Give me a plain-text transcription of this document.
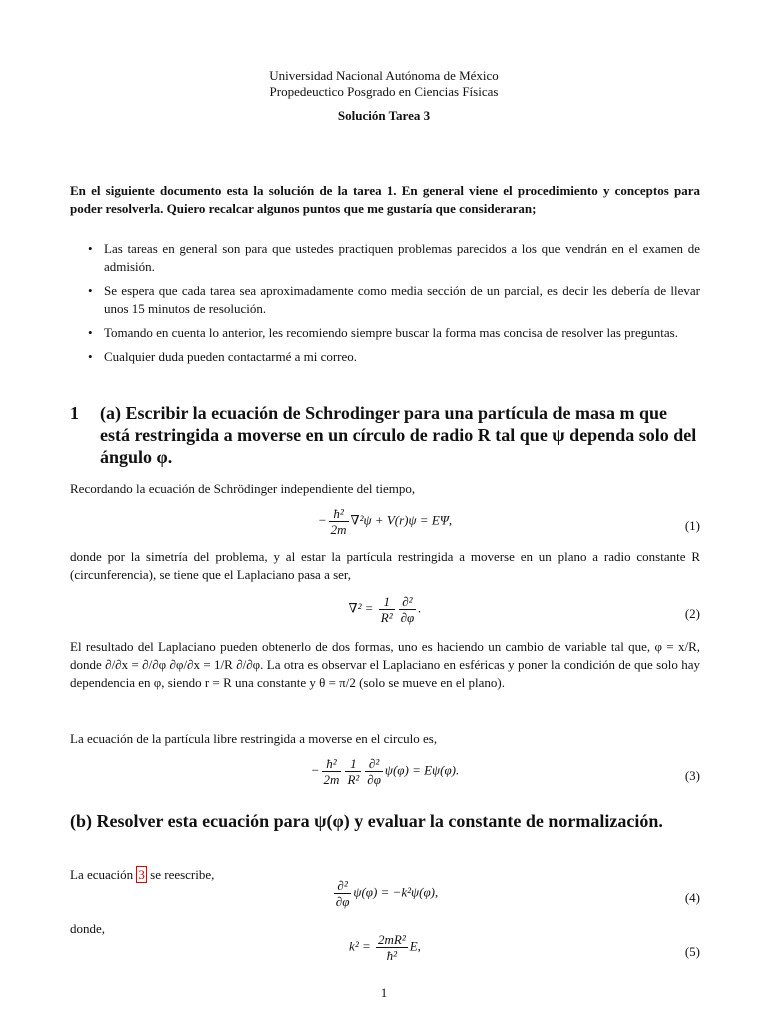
Universidad Nacional Autónoma de México
Propedeuctico Posgrado en Ciencias Físicas
Solución Tarea 3
En el siguiente documento esta la solución de la tarea 1. En general viene el procedimiento y conceptos para poder resolverla. Quiero recalcar algunos puntos que me gustaría que consideraran;
• Las tareas en general son para que ustedes practiquen problemas parecidos a los que vendrán en el examen de admisión.
• Se espera que cada tarea sea aproximadamente como media sección de un parcial, es decir les debería de llevar unos 15 minutos de resolución.
• Tomando en cuenta lo anterior, les recomiendo siempre buscar la forma mas concisa de resolver las preguntas.
• Cualquier duda pueden contactarmé a mi correo.
1 (a) Escribir la ecuación de Schrodinger para una partícula de masa m que está restringida a moverse en un círculo de radio R tal que ψ dependa solo del ángulo φ.
Recordando la ecuación de Schrödinger independiente del tiempo,
− $\frac{\text{ħ²}}{2m} \nabla^2\psi + V(r)\psi = E\Psi$,	(1)
donde por la simetría del problema, y al estar la partícula restringida a moverse en un plano a radio constante R (circunferencia), se tiene que el Laplaciano pasa a ser,
$\nabla^2 = \frac{1}{\text{R²}} \frac{\text{∂²}}{\partial\varphi}$ .	(2)
El resultado del Laplaciano pueden obtenerlo de dos formas, uno es haciendo un cambio de variable tal que, φ = x/R, donde ∂/∂x = ∂/∂φ ∂φ/∂x = 1/R ∂/∂φ. La otra es observar el Laplaciano en esféricas y poner la condición de que solo hay dependencia en φ, siendo r = R una constante y θ = π/2 (solo se mueve en el plano).
La ecuación de la partícula libre restringida a moverse en el circulo es,
− $\frac{\text{ħ²}}{2m} \frac{1}{\text{R²}} \frac{\text{∂²}}{\partial\varphi} \psi(\varphi) = E\psi(\varphi)$.	(3)
(b) Resolver esta ecuación para ψ(φ) y evaluar la constante de normalización.
La ecuación 3 se reescribe,
$\frac{\text{∂²}}{\partial\varphi} \psi(\varphi) = -k^2\psi(\varphi)$,	(4)
donde,
$k^2 = \frac{\text{2mR²}}{\text{ħ²}} E$,	(5)
1
